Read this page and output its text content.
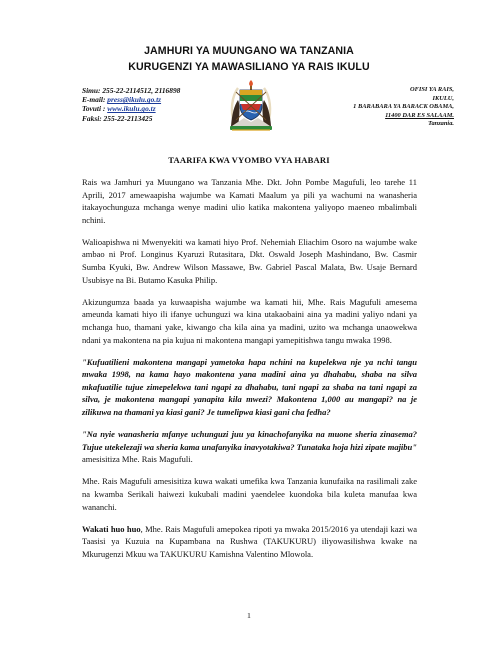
JAMHURI YA MUUNGANO WA TANZANIA
KURUGENZI YA MAWASILIANO YA RAIS IKULU
Simu: 255-22-2114512, 2116898
E-mail: press@ikulu.go.tz
Tovuti : www.ikulu.go.tz
Faksi: 255-22-2113425
OFISI YA RAIS,
IKULU,
1 BARABARA YA BARACK OBAMA,
11400 DAR ES SALAAM.
Tanzania.
TAARIFA KWA VYOMBO VYA HABARI

Rais wa Jamhuri ya Muungano wa Tanzania Mhe. Dkt. John Pombe Magufuli, leo tarehe 11 Aprili, 2017 amewaapisha wajumbe wa Kamati Maalum ya pili ya wachumi na wanasheria itakayochunguza mchanga wenye madini ulio katika makontena yaliyopo maeneo mbalimbali nchini.

Walioapishwa ni Mwenyekiti wa kamati hiyo Prof. Nehemiah Eliachim Osoro na wajumbe wake ambao ni Prof. Longinus Kyaruzi Rutasitara, Dkt. Oswald Joseph Mashindano, Bw. Casmir Sumba Kyuki, Bw. Andrew Wilson Massawe, Bw. Gabriel Pascal Malata, Bw. Usaje Bernard Usubisye na Bi. Butamo Kasuka Philip.

Akizungumza baada ya kuwaapisha wajumbe wa kamati hii, Mhe. Rais Magufuli amesema ameunda kamati hiyo ili ifanye uchunguzi wa kina utakaobaini aina ya madini yaliyo ndani ya mchanga huo, thamani yake, kiwango cha kila aina ya madini, uzito wa mchanga unaowekwa ndani ya makontena na pia kujua ni makontena mangapi yamepitishwa tangu mwaka 1998.

"Kufuatilieni makontena mangapi yametoka hapa nchini na kupelekwa nje ya nchi tangu mwaka 1998, na kama hayo makontena yana madini aina ya dhahabu, shaba na silva mkafuatilie tujue zimepelekwa tani ngapi za dhahabu, tani ngapi za shaba na tani ngapi za silva, je makontena mangapi yanapita kila mwezi? Makontena 1,000 au mangapi? na je zilikuwa na thamani ya kiasi gani? Je tumelipwa kiasi gani cha fedha?

"Na nyie wanasheria mfanye uchunguzi juu ya kinachofanyika na muone sheria zinasema? Tujue utekelezaji wa sheria kama unafanyika inavyotakiwa? Tunataka hoja hizi zipate majibu" amesisitiza Mhe. Rais Magufuli.

Mhe. Rais Magufuli amesisitiza kuwa wakati umefika kwa Tanzania kunufaika na rasilimali zake na kwamba Serikali haiwezi kukubali madini yaendelee kuondoka bila kuleta manufaa kwa wananchi.

Wakati huo huo, Mhe. Rais Magufuli amepokea ripoti ya mwaka 2015/2016 ya utendaji kazi wa Taasisi ya Kuzuia na Kupambana na Rushwa (TAKUKURU) iliyowasilishwa kwake na Mkurugenzi Mkuu wa TAKUKURU Kamishna Valentino Mlowola.

1
